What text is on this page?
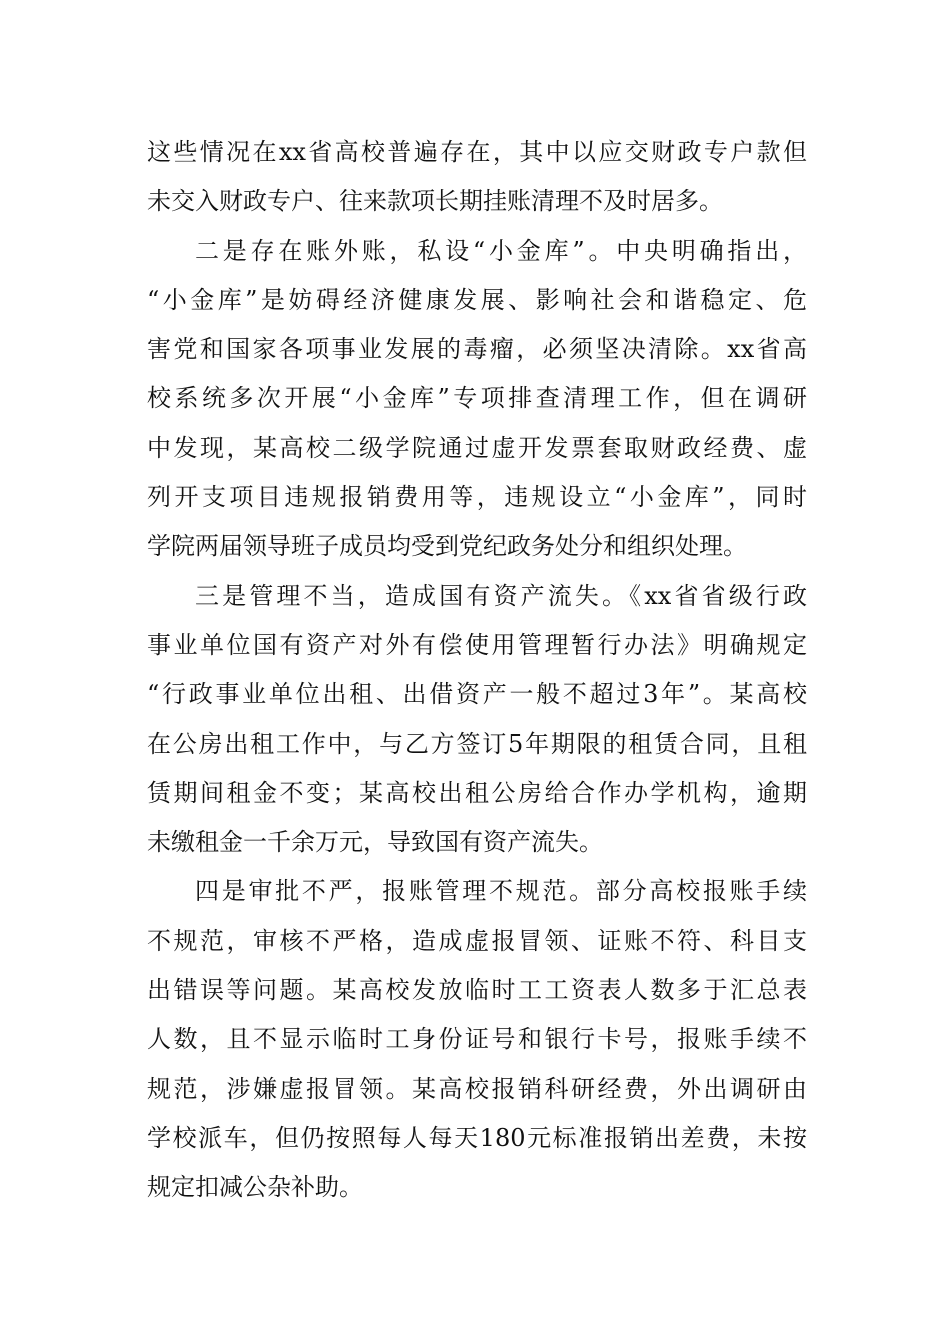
这些情况在xx省高校普遍存在，其中以应交财政专户款但
未交入财政专户、往来款项长期挂账清理不及时居多。
二是存在账外账，私设“小金库”。中央明确指出，
“小金库”是妨碍经济健康发展、影响社会和谐稳定、危
害党和国家各项事业发展的毒瘤，必须坚决清除。xx省高
校系统多次开展“小金库”专项排查清理工作，但在调研
中发现，某高校二级学院通过虚开发票套取财政经费、虚
列开支项目违规报销费用等，违规设立“小金库”，同时
学院两届领导班子成员均受到党纪政务处分和组织处理。
三是管理不当，造成国有资产流失。《xx省省级行政
事业单位国有资产对外有偿使用管理暂行办法》明确规定
“行政事业单位出租、出借资产一般不超过3年”。某高校
在公房出租工作中，与乙方签订5年期限的租赁合同，且租
赁期间租金不变；某高校出租公房给合作办学机构，逾期
未缴租金一千余万元，导致国有资产流失。
四是审批不严，报账管理不规范。部分高校报账手续
不规范，审核不严格，造成虚报冒领、证账不符、科目支
出错误等问题。某高校发放临时工工资表人数多于汇总表
人数，且不显示临时工身份证号和银行卡号，报账手续不
规范，涉嫌虚报冒领。某高校报销科研经费，外出调研由
学校派车，但仍按照每人每天180元标准报销出差费，未按
规定扣减公杂补助。
